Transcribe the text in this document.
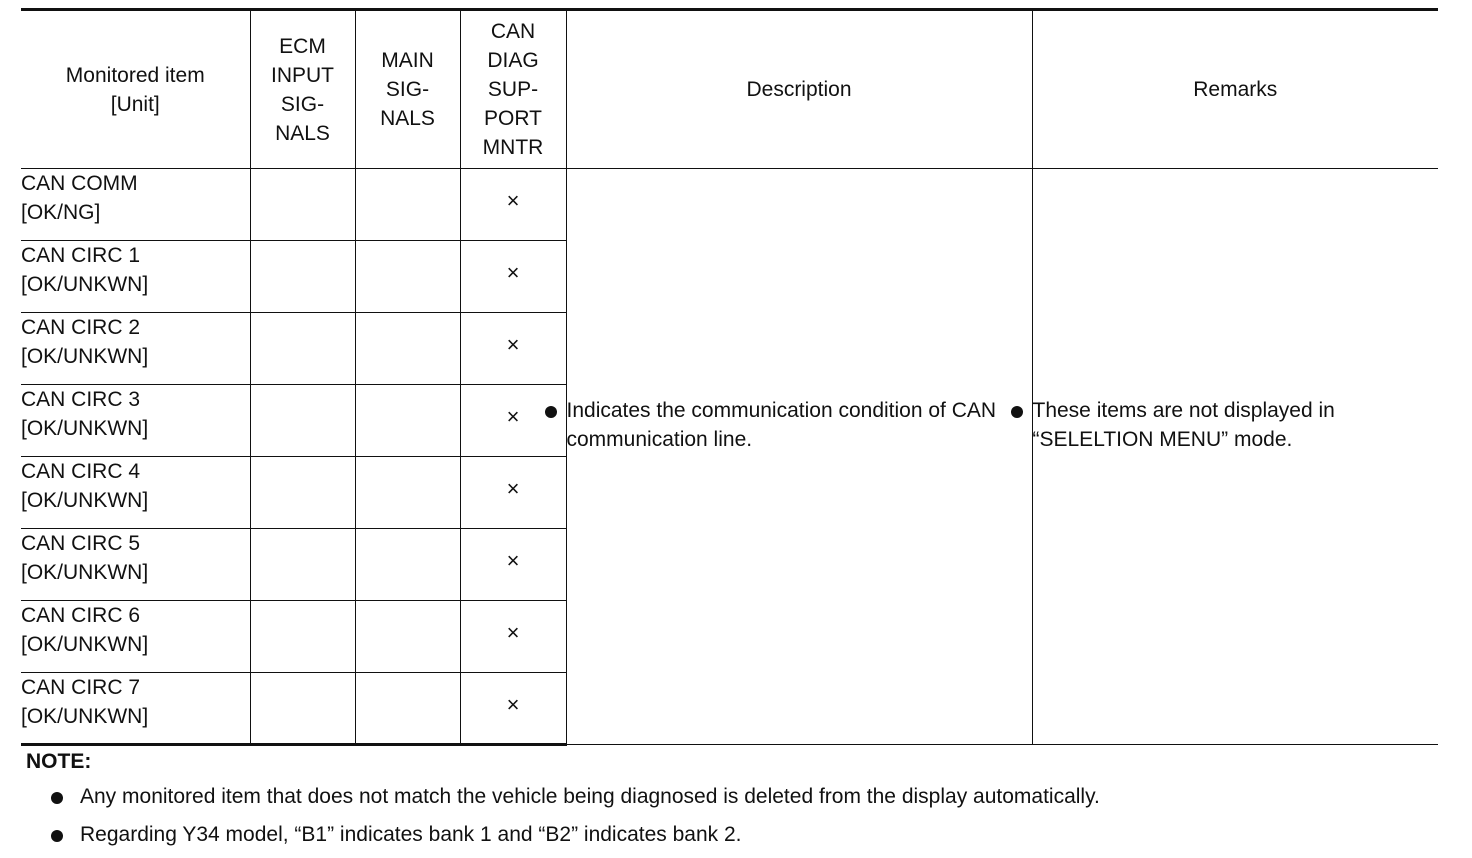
Monitored item
[Unit]	ECM
INPUT
SIG-
NALS	MAIN
SIG-
NALS	CAN
DIAG
SUP-
PORT
MNTR	Description	Remarks

CAN COMM
[OK/NG]			×	Indicates the communication condition of CAN communication line.	These items are not displayed in “SELELTION MENU” mode.

CAN CIRC 1
[OK/UNKWN]			×		

CAN CIRC 2
[OK/UNKWN]			×		

CAN CIRC 3
[OK/UNKWN]			×		

CAN CIRC 4
[OK/UNKWN]			×		

CAN CIRC 5
[OK/UNKWN]			×		

CAN CIRC 6
[OK/UNKWN]			×		

CAN CIRC 7
[OK/UNKWN]			×		
NOTE:
Any monitored item that does not match the vehicle being diagnosed is deleted from the display automatically.
Regarding Y34 model, “B1” indicates bank 1 and “B2” indicates bank 2.
